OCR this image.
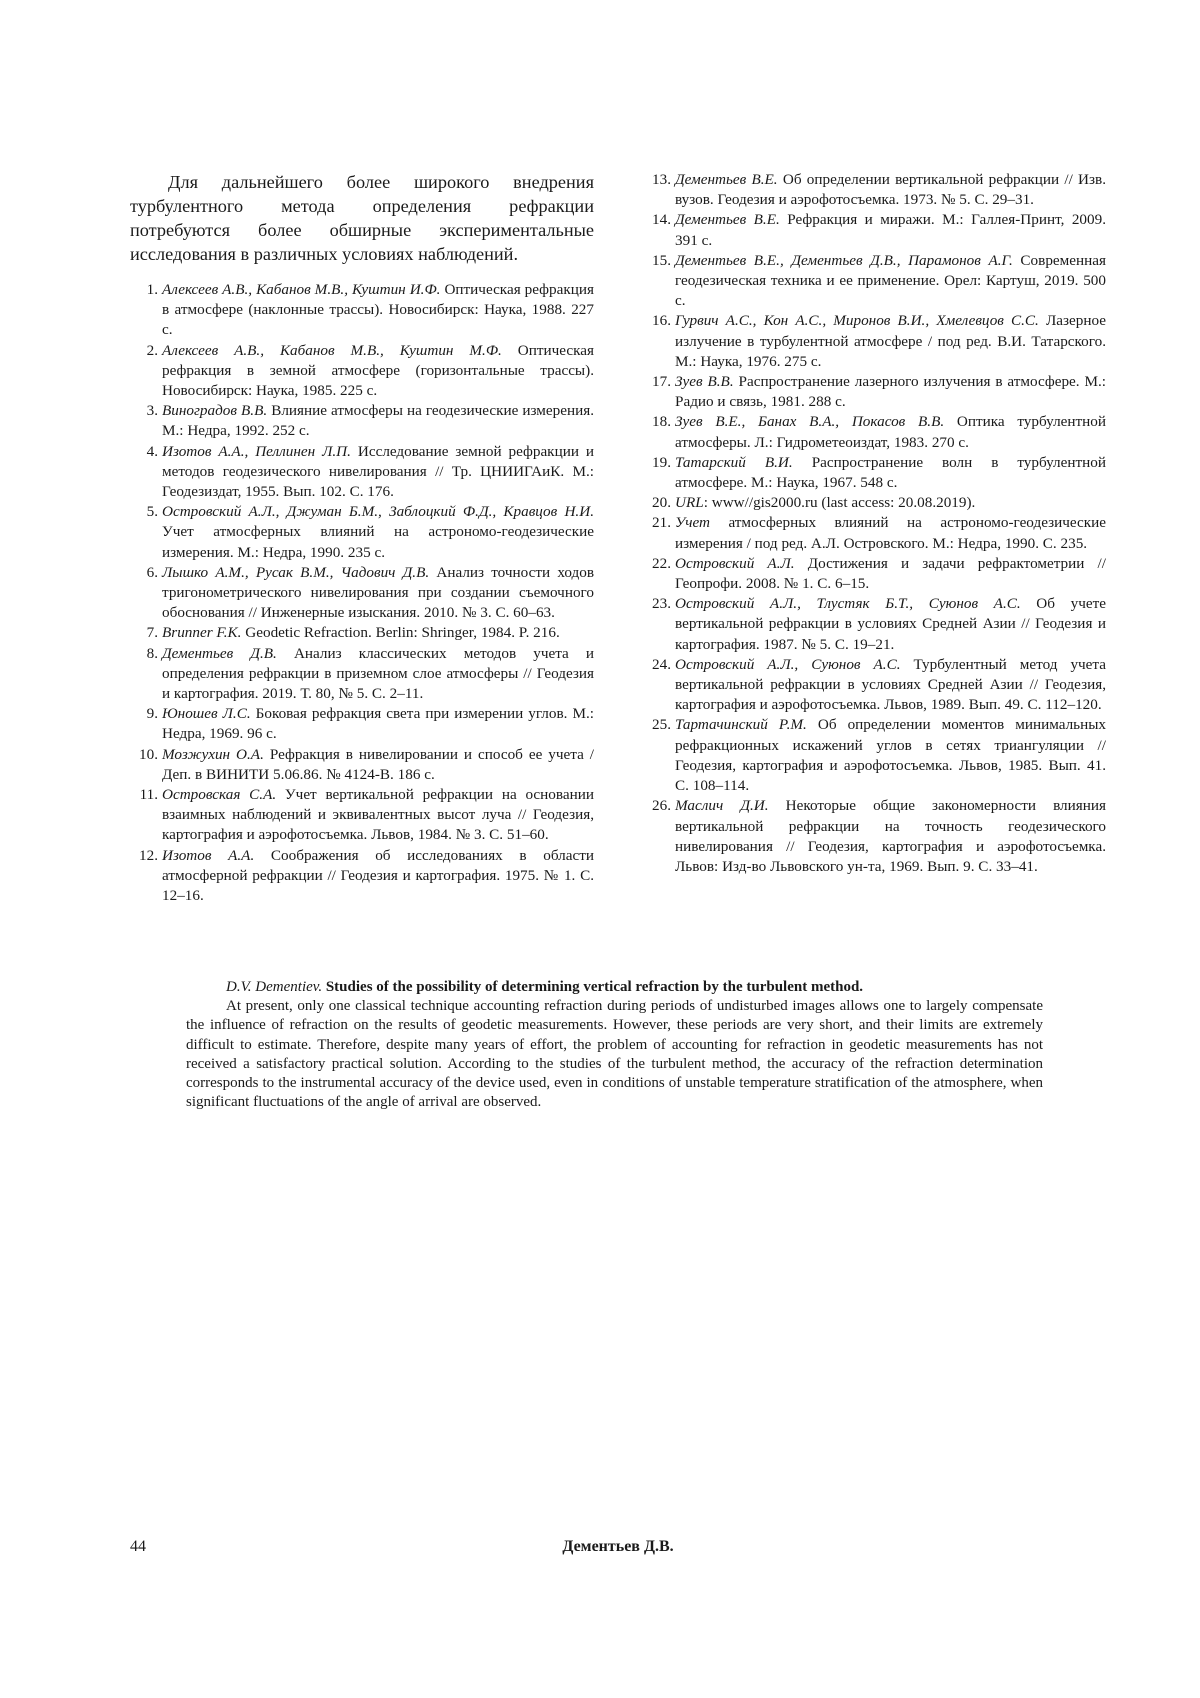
Для дальнейшего более широкого внедрения турбулентного метода определения рефракции потребуются более обширные экспериментальные исследования в различных условиях наблюдений.

1. Алексеев А.В., Кабанов М.В., Куштин И.Ф. Оптическая рефракция в атмосфере (наклонные трассы). Новосибирск: Наука, 1988. 227 с.
2. Алексеев А.В., Кабанов М.В., Куштин М.Ф. Оптическая рефракция в земной атмосфере (горизонтальные трассы). Новосибирск: Наука, 1985. 225 с.
3. Виноградов В.В. Влияние атмосферы на геодезические измерения. М.: Недра, 1992. 252 с.
4. Изотов А.А., Пеллинен Л.П. Исследование земной рефракции и методов геодезического нивелирования // Тр. ЦНИИГАиК. М.: Геодезиздат, 1955. Вып. 102. С. 176.
5. Островский А.Л., Джуман Б.М., Заблоцкий Ф.Д., Кравцов Н.И. Учет атмосферных влияний на астрономо-геодезические измерения. М.: Недра, 1990. 235 с.
6. Лышко А.М., Русак В.М., Чадович Д.В. Анализ точности ходов тригонометрического нивелирования при создании съемочного обоснования // Инженерные изыскания. 2010. № 3. С. 60–63.
7. Brunner F.K. Geodetic Refraction. Berlin: Shringer, 1984. P. 216.
8. Дементьев Д.В. Анализ классических методов учета и определения рефракции в приземном слое атмосферы // Геодезия и картография. 2019. Т. 80, № 5. С. 2–11.
9. Юношев Л.С. Боковая рефракция света при измерении углов. М.: Недра, 1969. 96 с.
10. Мозжухин О.А. Рефракция в нивелировании и способ ее учета / Деп. в ВИНИТИ 5.06.86. № 4124-В. 186 с.
11. Островская С.А. Учет вертикальной рефракции на основании взаимных наблюдений и эквивалентных высот луча // Геодезия, картография и аэрофотосъемка. Львов, 1984. № 3. С. 51–60.
12. Изотов А.А. Соображения об исследованиях в области атмосферной рефракции // Геодезия и картография. 1975. № 1. С. 12–16.
13. Дементьев В.Е. Об определении вертикальной рефракции // Изв. вузов. Геодезия и аэрофотосъемка. 1973. № 5. С. 29–31.
14. Дементьев В.Е. Рефракция и миражи. М.: Галлея-Принт, 2009. 391 с.
15. Дементьев В.Е., Дементьев Д.В., Парамонов А.Г. Современная геодезическая техника и ее применение. Орел: Картуш, 2019. 500 с.
16. Гурвич А.С., Кон А.С., Миронов В.И., Хмелевцов С.С. Лазерное излучение в турбулентной атмосфере / под ред. В.И. Татарского. М.: Наука, 1976. 275 с.
17. Зуев В.В. Распространение лазерного излучения в атмосфере. М.: Радио и связь, 1981. 288 с.
18. Зуев В.Е., Банах В.А., Покасов В.В. Оптика турбулентной атмосферы. Л.: Гидрометеоиздат, 1983. 270 с.
19. Татарский В.И. Распространение волн в турбулентной атмосфере. М.: Наука, 1967. 548 с.
20. URL: www//gis2000.ru (last access: 20.08.2019).
21. Учет атмосферных влияний на астрономо-геодезические измерения / под ред. А.Л. Островского. М.: Недра, 1990. С. 235.
22. Островский А.Л. Достижения и задачи рефрактометрии // Геопрофи. 2008. № 1. С. 6–15.
23. Островский А.Л., Тлустяк Б.Т., Суюнов А.С. Об учете вертикальной рефракции в условиях Средней Азии // Геодезия и картография. 1987. № 5. С. 19–21.
24. Островский А.Л., Суюнов А.С. Турбулентный метод учета вертикальной рефракции в условиях Средней Азии // Геодезия, картография и аэрофотосъемка. Львов, 1989. Вып. 49. С. 112–120.
25. Тартачинский Р.М. Об определении моментов минимальных рефракционных искажений углов в сетях триангуляции // Геодезия, картография и аэрофотосъемка. Львов, 1985. Вып. 41. С. 108–114.
26. Маслич Д.И. Некоторые общие закономерности влияния вертикальной рефракции на точность геодезического нивелирования // Геодезия, картография и аэрофотосъемка. Львов: Изд-во Львовского ун-та, 1969. Вып. 9. С. 33–41.

D.V. Dementiev. Studies of the possibility of determining vertical refraction by the turbulent method.

At present, only one classical technique accounting refraction during periods of undisturbed images allows one to largely compensate the influence of refraction on the results of geodetic measurements. However, these periods are very short, and their limits are extremely difficult to estimate. Therefore, despite many years of effort, the problem of accounting for refraction in geodetic measurements has not received a satisfactory practical solution. According to the studies of the turbulent method, the accuracy of the refraction determination corresponds to the instrumental accuracy of the device used, even in conditions of unstable temperature stratification of the atmosphere, when significant fluctuations of the angle of arrival are observed.

44	Дементьев Д.В.
